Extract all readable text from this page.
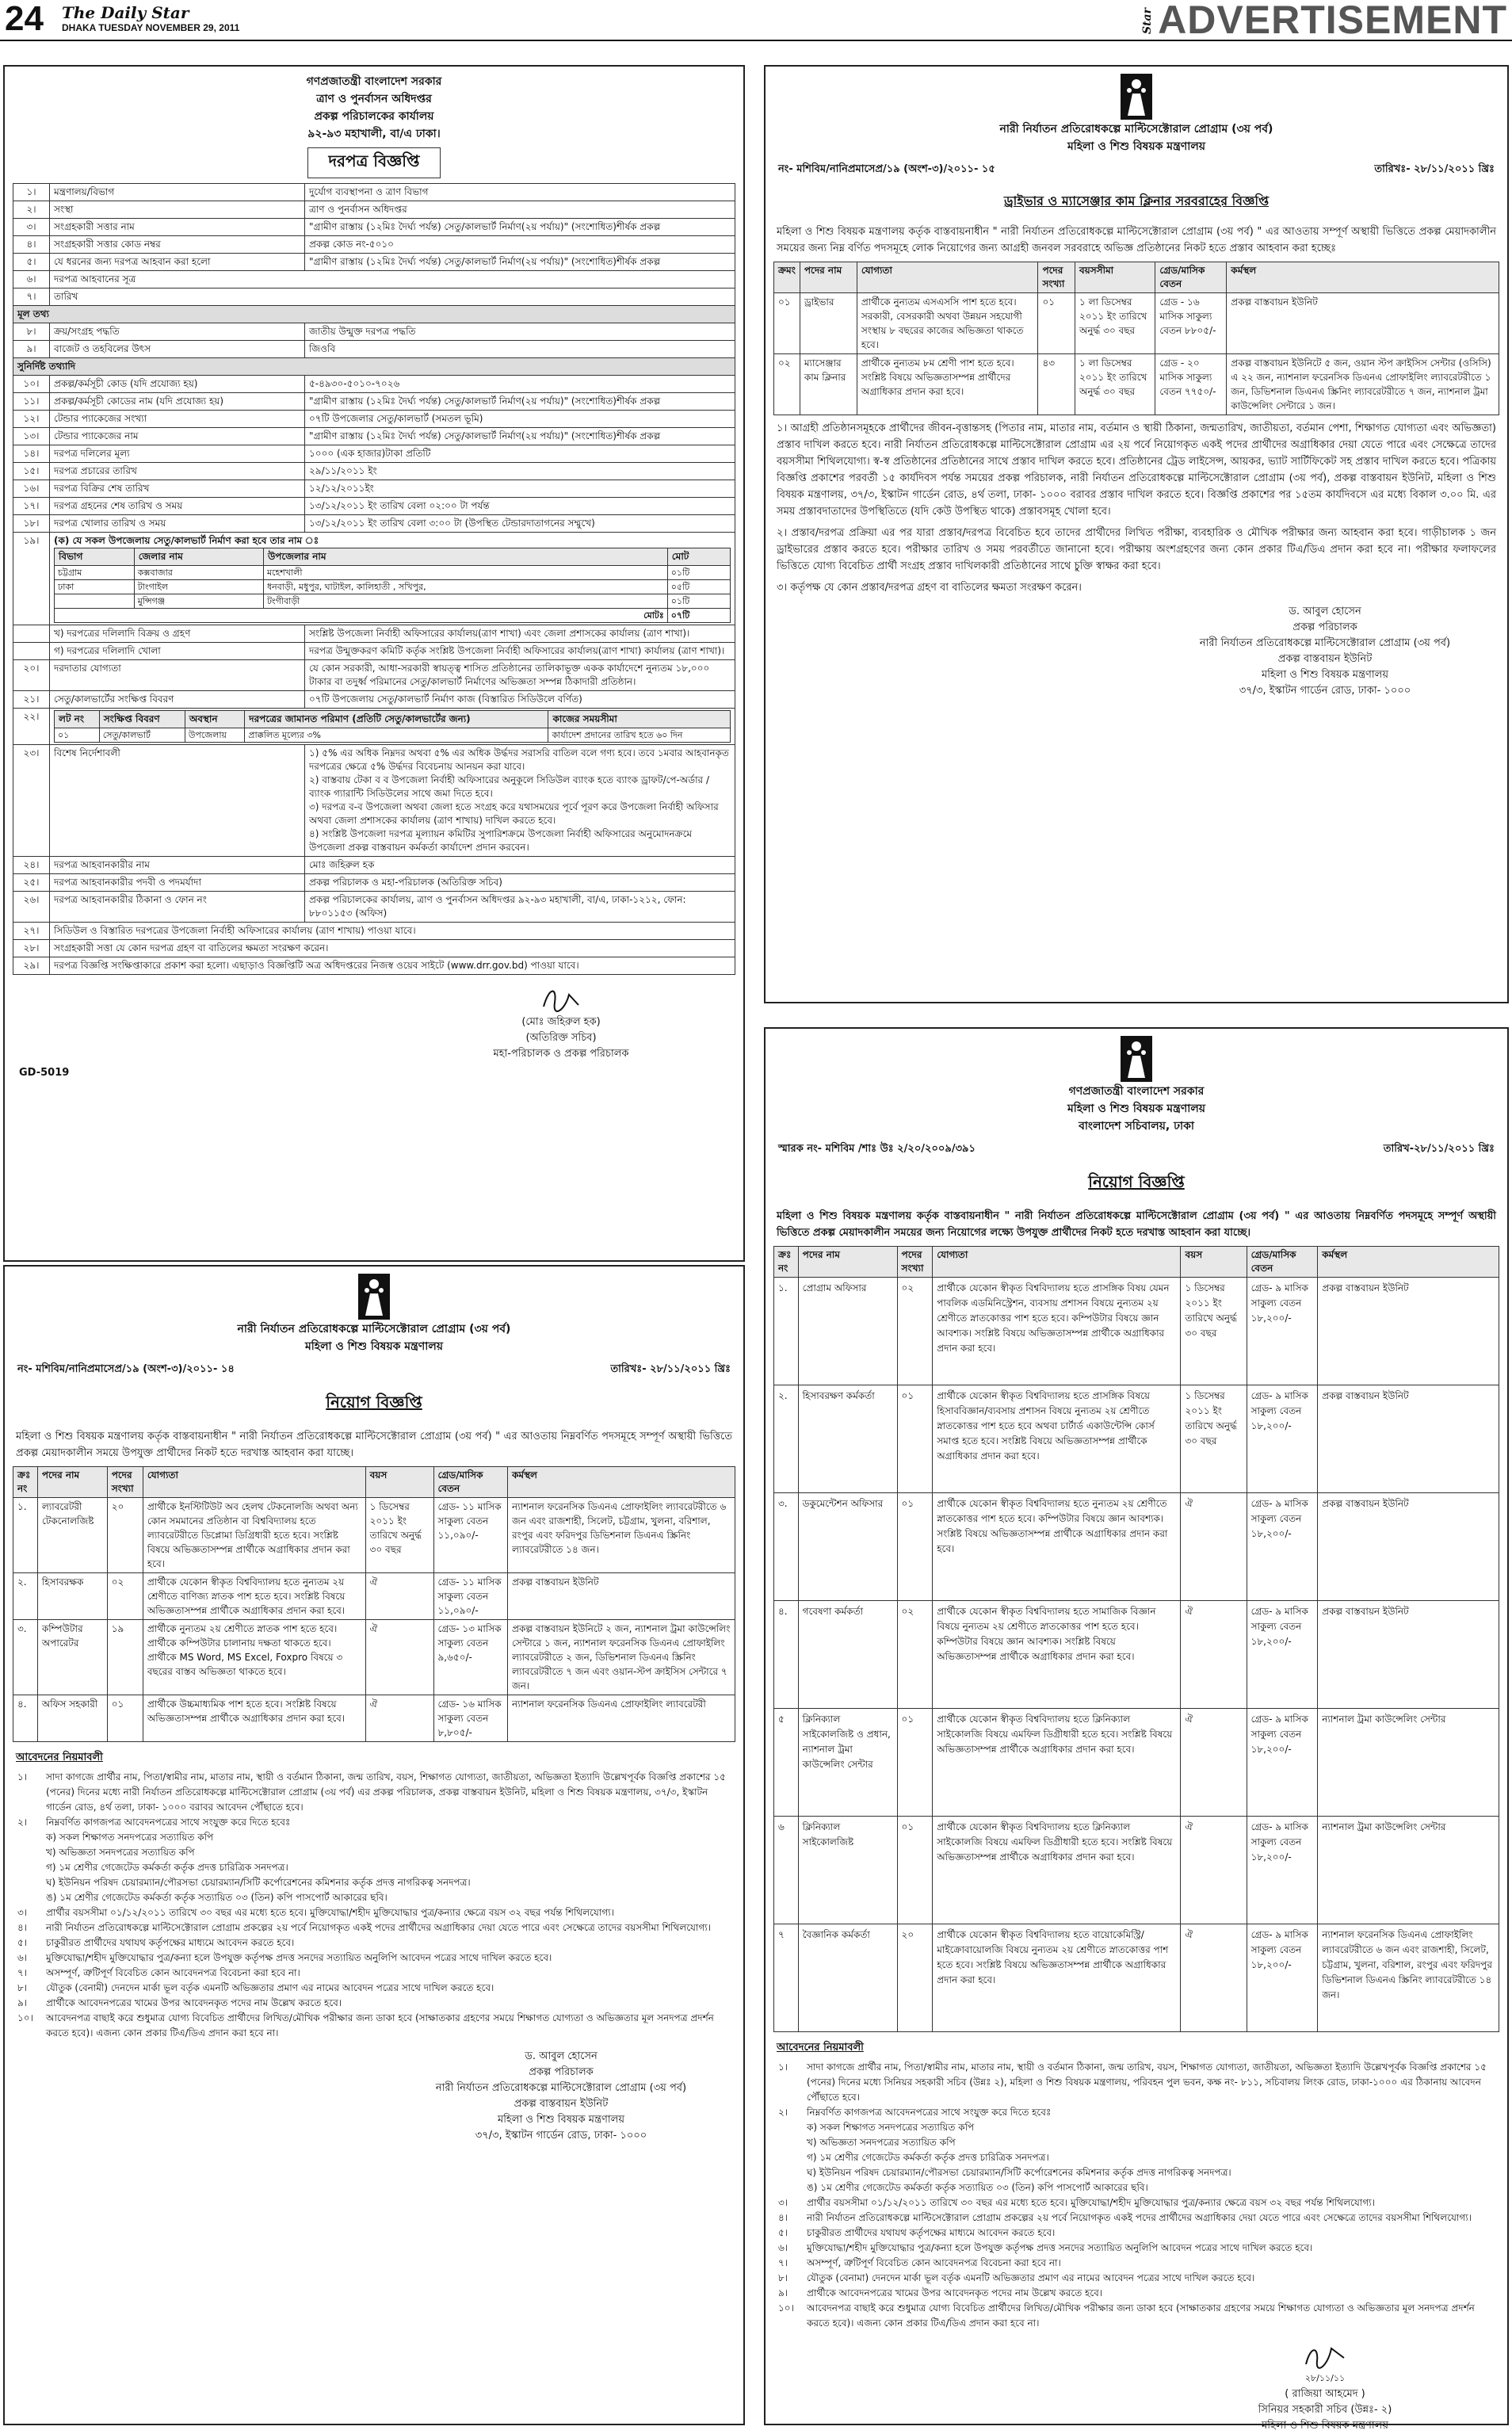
24 The Daily Star
DHAKA TUESDAY NOVEMBER 29, 2011	Star ADVERTISEMENT
গণপ্রজাতন্ত্রী বাংলাদেশ সরকার
ত্রাণ ও পুনর্বাসন অধিদপ্তর
প্রকল্প পরিচালকের কার্যালয়
৯২-৯৩ মহাখালী, বা/এ ঢাকা।
দরপত্র বিজ্ঞপ্তি
১।	মন্ত্রণালয়/বিভাগ	দুর্যোগ ব্যবস্থাপনা ও ত্রাণ বিভাগ
২।	সংস্থা	ত্রাণ ও পুনর্বাসন অধিদপ্তর
৩।	সংগ্রহকারী সত্তার নাম	"গ্রামীণ রাস্তায় (১২মিঃ দৈর্ঘ্য পর্যন্ত) সেতু/কালভার্ট নির্মাণ(২য় পর্যায়)" (সংশোধিত)শীর্ষক প্রকল্প
৪।	সংগ্রহকারী সত্তার কোড নম্বর	প্রকল্প কোড নং-৫০১০
৫।	যে ধরনের জন্য দরপত্র আহবান করা হলো	"গ্রামীণ রাস্তায় (১২মিঃ দৈর্ঘ্য পর্যন্ত) সেতু/কালভার্ট নির্মাণ(২য় পর্যায়)" (সংশোধিত)শীর্ষক প্রকল্প
৬।	দরপত্র আহবানের সূত্র
৭।	তারিখ
মূল তথ্য
৮।	ক্রয়/সংগ্রহ পদ্ধতি	জাতীয় উন্মুক্ত দরপত্র পদ্ধতি
৯।	বাজেট ও তহবিলের উৎস	জিওবি
সুনির্দিষ্ট তথ্যাদি
১০।	প্রকল্প/কর্মসূচী কোড (যদি প্রযোজ্য হয়)	৫-৪৯৩০-৫০১০-৭০২৬
১১।	প্রকল্প/কর্মসূচী কোডের নাম (যদি প্রযোজ্য হয়)	"গ্রামীণ রাস্তায় (১২মিঃ দৈর্ঘ্য পর্যন্ত) সেতু/কালভার্ট নির্মাণ(২য় পর্যায়)" (সংশোধিত)শীর্ষক প্রকল্প
১২।	টেন্ডার প্যাকেজের সংখ্যা	০৭টি উপজেলার সেতু/কালভার্ট (সমতল ভূমি)
১৩।	টেন্ডার প্যাকেজের নাম	"গ্রামীণ রাস্তায় (১২মিঃ দৈর্ঘ্য পর্যন্ত) সেতু/কালভার্ট নির্মাণ(২য় পর্যায়)" (সংশোধিত)শীর্ষক প্রকল্প
১৪।	দরপত্র দলিলের মূল্য	১০০০ (এক হাজার)টাকা প্রতিটি
১৫।	দরপত্র প্রচারের তারিখ	২৯/১১/২০১১ ইং
১৬।	দরপত্র বিক্রির শেষ তারিখ	১২/১২/২০১১ইং
১৭।	দরপত্র গ্রহনের শেষ তারিখ ও সময়	১৩/১২/২০১১ ইং তারিখ বেলা ০২:০০ টা পর্যন্ত
১৮।	দরপত্র খোলার তারিখ ও সময়	১৩/১২/২০১১ ইং তারিখ বেলা ৩:০০ টা (উপস্থিত টেন্ডারদাতাগনের সম্মুখে)
১৯।	(ক) যে সকল উপজেলায় সেতু/কালভার্ট নির্মাণ করা হবে তার নাম ঃ
বিভাগ	জেলার নাম	উপজেলার নাম	মোট
চট্টগ্রাম	কক্সবাজার	মহেশখালী	০১টি
ঢাকা	টাংগাইল	ধনবাড়ী, মধুপুর, ঘাটাইল, কালিহাতী , সখিপুর,	০৫টি
	মুন্সিগঞ্জ	টংগীবাড়ী	০১টি
মোটঃ	০৭টি

	খ) দরপত্রের দলিলাদি বিক্রয় ও গ্রহণ	সংশ্লিষ্ট উপজেলা নির্বাহী অফিসারের কার্যালয়(ত্রাণ শাখা) এবং জেলা প্রশাসকের কার্যালয় (ত্রাণ শাখা)।
	গ) দরপত্রের দলিলাদি খোলা	দরপত্র উন্মুক্তকরণ কমিটি কর্তৃক সংশ্লিষ্ট উপজেলা নির্বাহী অফিসারের কার্যালয়(ত্রাণ শাখা) কার্যালয় (ত্রাণ শাখা)।
২০।	দরদাতার যোগ্যতা	যে কোন সরকারী, আধা-সরকারী স্বায়ত্ত্ব শাসিত প্রতিষ্ঠানের তালিকাভূক্ত একক কার্যাদেশে নুন্যতম ১৮,০০০ টাকার বা তদুর্ধ্ব পরিমানের সেতু/কালভার্ট নির্মাণের অভিজ্ঞতা সম্পন্ন ঠিকাদারী প্রতিষ্ঠান।
২১।	সেতু/কালভার্টের সংক্ষিপ্ত বিবরণ	০৭টি উপজেলায় সেতু/কালভার্ট নির্মাণ কাজ (বিস্তারিত সিডিউলে বর্ণিত)
২২।	লট নং	সংক্ষিপ্ত বিবরণ	অবস্থান	দরপত্রের জামানত পরিমাণ (প্রতিটি সেতু/কালভার্টের জন্য)	কাজের সময়সীমা
০১	সেতু/কালভার্ট	উপজেলায়	প্রাক্কলিত মূল্যের ৩%	কার্যাদেশ প্রদানের তারিখ হতে ৬০ দিন

২৩।	বিশেষ নির্দেশাবলী	১) ৫% এর অধিক নিম্নদর অথবা ৫% এর অধিক উর্দ্ধদর সরাসরি বাতিল বলে গণ্য হবে। তবে ১মবার আহবানকৃত দরপত্রের ক্ষেত্রে ৫% উর্দ্ধদর বিবেচনায় আনয়ন করা যাবে।
২) বাস্তবায় টেকা ব ব উপজেলা নির্বাহী অফিসারের অনুকূলে সিডিউল ব্যাংক হতে ব্যাংক ড্রাফট/পে-অর্ডার / ব্যাংক গ্যারান্টি সিডিউলের সাথে জমা দিতে হবে।
৩) দরপত্র ব-ব উপজেলা অথবা জেলা হতে সংগ্রহ করে যথাসময়ের পূর্বে পূরণ করে উপজেলা নির্বাহী অফিসার অথবা জেলা প্রশাসকের কার্যালয় (ত্রাণ শাখায়) দাখিল করতে হবে।
৪) সংশ্লিষ্ট উপজেলা দরপত্র মূল্যায়ন কমিটির সুপারিশক্রমে উপজেলা নির্বাহী অফিসারের অনুমোদনক্রমে উপজেলা প্রকল্প বাস্তবায়ন কর্মকর্তা কার্যাদেশ প্রদান করবেন।

২৪।	দরপত্র আহবানকারীর নাম	মোঃ জহিরুল হক
২৫।	দরপত্র আহবানকারীর পদবী ও পদমর্যাদা	প্রকল্প পরিচালক ও মহা-পরিচালক (অতিরিক্ত সচিব)
২৬।	দরপত্র আহবানকারীর ঠিকানা ও ফোন নং	প্রকল্প পরিচালকের কার্যালয়, ত্রাণ ও পুনর্বাসন অধিদপ্তর ৯২-৯৩ মহাখালী, বা/এ, ঢাকা-১২১২, ফোন: ৮৮০১১৫৩ (অফিস)
২৭।	সিডিউল ও বিস্তারিত দরপত্রের উপজেলা নির্বাহী অফিসারের কার্যালয় (ত্রাণ শাখায়) পাওয়া যাবে।
২৮।	সংগ্রহকারী সত্তা যে কোন দরপত্র গ্রহণ বা বাতিলের ক্ষমতা সংরক্ষণ করেন।
২৯।	দরপত্র বিজ্ঞপ্তি সংক্ষিপ্তাকারে প্রকাশ করা হলো। এছাড়াও বিজ্ঞপ্তিটি অত্র অধিদপ্তরের নিজস্ব ওয়েব সাইটে (www.drr.gov.bd) পাওয়া যাবে।
(মোঃ জহিরুল হক)
(অতিরিক্ত সচিব)
মহা-পরিচালক ও প্রকল্প পরিচালক
GD-5019
নারী নির্যাতন প্রতিরোধকল্পে মাল্টিসেক্টোরাল প্রোগ্রাম (৩য় পর্ব)
মহিলা ও শিশু বিষয়ক মন্ত্রণালয়
নং- মশিবিম/নানিপ্রমাসেপ্র/১৯ (অংশ-৩)/২০১১- ১৫	তারিখঃ- ২৮/১১/২০১১ খ্রিঃ
ড্রাইভার ও ম্যাসেঞ্জার কাম ক্লিনার সরবরাহের বিজ্ঞপ্তি
মহিলা ও শিশু বিষয়ক মন্ত্রণালয় কর্তৃক বাস্তবায়নাধীন " নারী নির্যাতন প্রতিরোধকল্পে মাল্টিসেক্টোরাল প্রোগ্রাম (৩য় পর্ব) " এর আওতায় সম্পূর্ণ অস্থায়ী ভিত্তিতে প্রকল্প মেয়াদকালীন সময়ের জন্য নিম্ন বর্ণিত পদসমূহে লোক নিয়োগের জন্য আগ্রহী জনবল সরবরাহে অভিজ্ঞ প্রতিষ্ঠানের নিকট হতে প্রস্তাব আহবান করা হচ্ছেঃ
ক্রমং	পদের নাম	যোগ্যতা	পদের সংখ্যা	বয়সসীমা	গ্রেড/মাসিক বেতন	কর্মস্থল
০১	ড্রাইভার	প্রার্থীকে নুন্যতম এসএসসি পাশ হতে হবে। সরকারী, বেসরকারী অথবা উন্নয়ন সহযোগী সংস্থায় ৮ বছরের কাজের অভিজ্ঞতা থাকতে হবে।	০১	১ লা ডিসেম্বর ২০১১ ইং তারিখে অনুর্দ্ধ ৩০ বছর	গ্রেড - ১৬ মাসিক সাকুল্য বেতন ৮৮০৫/-	প্রকল্প বাস্তবায়ন ইউনিট
০২	ম্যাসেঞ্জার কাম ক্লিনার	প্রার্থীকে নুন্যতম ৮ম শ্রেণী পাশ হতে হবে। সংশ্লিষ্ট বিষয়ে অভিজ্ঞতাসম্পন্ন প্রার্থীদের অগ্রাধিকার প্রদান করা হবে।	৪৩	১ লা ডিসেম্বর ২০১১ ইং তারিখে অনুর্দ্ধ ৩০ বছর	গ্রেড - ২০ মাসিক সাকুল্য বেতন ৭৭৫০/-	প্রকল্প বাস্তবায়ন ইউনিটে ৫ জন, ওয়ান স্টপ ক্রাইসিস সেন্টার (ওসিসি) এ ২২ জন, ন্যাশনাল ফরেনসিক ডিএনএ প্রোফাইলিং ল্যাবরেটরীতে ১ জন, ডিভিশনাল ডিএনএ স্ক্রিনিং ল্যাবরেটরীতে ৭ জন, ন্যাশনাল ট্রমা কাউন্সেলিং সেন্টারে ১ জন।
১। আগ্রহী প্রতিষ্ঠানসমূহকে প্রার্থীদের জীবন-বৃত্তান্তসহ (পিতার নাম, মাতার নাম, বর্তমান ও স্থায়ী ঠিকানা, জন্মতারিখ, জাতীয়তা, বর্তমান পেশা, শিক্ষাগত যোগ্যতা এবং অভিজ্ঞতা) প্রস্তাব দাখিল করতে হবে। নারী নির্যাতন প্রতিরোধকল্পে মাল্টিসেক্টোরাল প্রোগ্রাম এর ২য় পর্বে নিয়োগকৃত একই পদের প্রার্থীদের অগ্রাধিকার দেয়া যেতে পারে এবং সেক্ষেত্রে তাদের বয়সসীমা শিথিলযোগ্য। স্ব-স্ব প্রতিষ্ঠানের প্রতিষ্ঠানের সাথে প্রস্তাব দাখিল করতে হবে। প্রতিষ্ঠানের ট্রেড লাইসেন্স, আয়কর, ভ্যাট সার্টিফিকেট সহ প্রস্তাব দাখিল করতে হবে। পত্রিকায় বিজ্ঞপ্তি প্রকাশের পরবর্তী ১৫ কার্যদিবস পর্যন্ত সময়ের প্রকল্প পরিচালক, নারী নির্যাতন প্রতিরোধকল্পে মাল্টিসেক্টোরাল প্রোগ্রাম (৩য় পর্ব), প্রকল্প বাস্তবায়ন ইউনিট, মহিলা ও শিশু বিষয়ক মন্ত্রণালয়, ৩৭/৩, ইস্কাটন গার্ডেন রোড, ৪র্থ তলা, ঢাকা- ১০০০ বরাবর প্রস্তাব দাখিল করতে হবে। বিজ্ঞপ্তি প্রকাশের পর ১৫তম কার্যদিবসে এর মধ্যে বিকাল ৩.০০ মি. এর সময় প্রস্তাবদাতাদের উপস্থিতিতে (যদি কেউ উপস্থিত থাকে) প্রস্তাবসমূহ খোলা হবে।
২। প্রস্তাব/দরপত্র প্রক্রিয়া এর পর যারা প্রস্তাব/দরপত্র বিবেচিত হবে তাদের প্রার্থীদের লিখিত পরীক্ষা, ব্যবহারিক ও মৌখিক পরীক্ষার জন্য আহবান করা হবে। গাড়ীচালক ১ জন ড্রাইভারের প্রস্তাব করতে হবে। পরীক্ষার তারিখ ও সময় পরবর্তীতে জানানো হবে। পরীক্ষায় অংশগ্রহণের জন্য কোন প্রকার টিএ/ডিএ প্রদান করা হবে না। পরীক্ষার ফলাফলের ভিত্তিতে যোগ্য বিবেচিত প্রার্থী সংগ্রহ প্রস্তাব দাখিলকারী প্রতিষ্ঠানের সাথে চুক্তি স্বাক্ষর করা হবে।
৩। কর্তৃপক্ষ যে কোন প্রস্তাব/দরপত্র গ্রহণ বা বাতিলের ক্ষমতা সংরক্ষণ করেন।
ড. আবুল হোসেন
প্রকল্প পরিচালক
নারী নির্যাতন প্রতিরোধকল্পে মাল্টিসেক্টোরাল প্রোগ্রাম (৩য় পর্ব)
প্রকল্প বাস্তবায়ন ইউনিট
মহিলা ও শিশু বিষয়ক মন্ত্রণালয়
৩৭/৩, ইস্কাটন গার্ডেন রোড, ঢাকা- ১০০০
নারী নির্যাতন প্রতিরোধকল্পে মাল্টিসেক্টোরাল প্রোগ্রাম (৩য় পর্ব)
মহিলা ও শিশু বিষয়ক মন্ত্রণালয়
নং- মশিবিম/নানিপ্রমাসেপ্র/১৯ (অংশ-৩)/২০১১- ১৪	তারিখঃ- ২৮/১১/২০১১ খ্রিঃ
নিয়োগ বিজ্ঞপ্তি
মহিলা ও শিশু বিষয়ক মন্ত্রণালয় কর্তৃক বাস্তবায়নাধীন " নারী নির্যাতন প্রতিরোধকল্পে মাল্টিসেক্টোরাল প্রোগ্রাম (৩য় পর্ব) " এর আওতায় নিম্নবর্ণিত পদসমূহে সম্পূর্ণ অস্থায়ী ভিত্তিতে প্রকল্প মেয়াদকালীন সময়ে উপযুক্ত প্রার্থীদের নিকট হতে দরখাস্ত আহবান করা যাচ্ছে।
ক্রঃ নং	পদের নাম	পদের সংখ্যা	যোগ্যতা	বয়স	গ্রেড/মাসিক বেতন	কর্মস্থল
১.	ল্যাবরেটরী টেকনোলজিষ্ট	২০	প্রার্থীকে ইনস্টিটিউট অব হেলথ টেকনোলজি অথবা অন্য কোন সমমানের প্রতিষ্ঠান বা বিশ্ববিদ্যালয় হতে ল্যাবরেটরীতে ডিপ্লোমা ডিগ্রিধারী হতে হবে। সংশ্লিষ্ট বিষয়ে অভিজ্ঞতাসম্পন্ন প্রার্থীকে অগ্রাধিকার প্রদান করা হবে।	১ ডিসেম্বর ২০১১ ইং তারিখে অনুর্দ্ধ ৩০ বছর	গ্রেড- ১১ মাসিক সাকুল্য বেতন ১১,০৯০/-	ন্যাশনাল ফরেনসিক ডিএনএ প্রোফাইলিং ল্যাবরেটরীতে ৬ জন এবং রাজশাহী, সিলেট, চট্টগ্রাম, খুলনা, বরিশাল, রংপুর এবং ফরিদপুর ডিভিশনাল ডিএনএ স্ক্রিনিং ল্যাবরেটরীতে ১৪ জন।
২.	হিসাবরক্ষক	০২	প্রার্থীকে যেকোন স্বীকৃত বিশ্ববিদ্যালয় হতে নুন্যতম ২য় শ্রেণীতে বাণিজ্য স্নাতক পাশ হতে হবে। সংশ্লিষ্ট বিষয়ে অভিজ্ঞতাসম্পন্ন প্রার্থীকে অগ্রাধিকার প্রদান করা হবে।	ঐ	গ্রেড- ১১ মাসিক সাকুল্য বেতন ১১,০৯০/-	প্রকল্প বাস্তবায়ন ইউনিট
৩.	কম্পিউটার অপারেটর	১৯	প্রার্থীকে নুন্যতম ২য় শ্রেণীতে স্নাতক পাশ হতে হবে। প্রার্থীকে কম্পিউটার চালানায় দক্ষতা থাকতে হবে। প্রার্থীকে MS Word, MS Excel, Foxpro বিষয়ে ৩ বছরের বাস্তব অভিজ্ঞতা থাকতে হবে।	ঐ	গ্রেড- ১৩ মাসিক সাকুল্য বেতন ৯,৬৫০/-	প্রকল্প বাস্তবায়ন ইউনিটে ২ জন, ন্যাশনাল ট্রমা কাউন্সেলিং সেন্টারে ১ জন, ন্যাশনাল ফরেনসিক ডিএনএ প্রোফাইলিং ল্যাবরেটরীতে ২ জন, ডিভিশনাল ডিএনএ স্ক্রিনিং ল্যাবরেটরীতে ৭ জন এবং ওয়ান-স্টপ ক্রাইসিস সেন্টারে ৭ জন।
৪.	অফিস সহকারী	০১	প্রার্থীকে উচ্চমাধ্যমিক পাশ হতে হবে। সংশ্লিষ্ট বিষয়ে অভিজ্ঞতাসম্পন্ন প্রার্থীকে অগ্রাধিকার প্রদান করা হবে।	ঐ	গ্রেড- ১৬ মাসিক সাকুল্য বেতন ৮,৮০৫/-	ন্যাশনাল ফরেনসিক ডিএনএ প্রোফাইলিং ল্যাবরেটরী
আবেদনের নিয়মাবলী
১।	সাদা কাগজে প্রার্থীর নাম, পিতা/স্বামীর নাম, মাতার নাম, স্থায়ী ও বর্তমান ঠিকানা, জন্ম তারিখ, বয়স, শিক্ষাগত যোগ্যতা, জাতীয়তা, অভিজ্ঞতা ইত্যাদি উল্লেখপূর্বক বিজ্ঞপ্তি প্রকাশের ১৫ (পনের) দিনের মধ্যে নারী নির্যাতন প্রতিরোধকল্পে মাল্টিসেক্টোরাল প্রোগ্রাম (৩য় পর্ব) এর প্রকল্প পরিচালক, প্রকল্প বাস্তবায়ন ইউনিট, মহিলা ও শিশু বিষয়ক মন্ত্রণালয়, ৩৭/৩, ইস্কাটন গার্ডেন রোড, ৪র্থ তলা, ঢাকা- ১০০০ বরাবর আবেদন পৌঁছাতে হবে।
২।	নিম্নবর্ণিত কাগজপত্র আবেদনপত্রের সাথে সংযুক্ত করে দিতে হবেঃ
ক) সকল শিক্ষাগত সনদপত্রের সত্যায়িত কপি
খ) অভিজ্ঞতা সনদপত্রের সত্যায়িত কপি
গ) ১ম শ্রেণীর গেজেটেড কর্মকর্তা কর্তৃক প্রদত্ত চারিত্রিক সনদপত্র।
ঘ) ইউনিয়ন পরিষদ চেয়ারম্যান/পৌরসভা চেয়ারম্যান/সিটি কর্পোরেশনের কমিশনার কর্তৃক প্রদত্ত নাগরিকত্ব সনদপত্র।
ঙ) ১ম শ্রেণীর গেজেটেড কর্মকর্তা কর্তৃক সত্যায়িত ০৩ (তিন) কপি পাসপোর্ট আকারের ছবি।
৩।	প্রার্থীর বয়সসীমা ০১/১২/২০১১ তারিখে ৩০ বছর এর মধ্যে হতে হবে। মুক্তিযোদ্ধা/শহীদ মুক্তিযোদ্ধার পুত্র/কন্যার ক্ষেত্রে বয়স ৩২ বছর পর্যন্ত শিথিলযোগ্য।
৪।	নারী নির্যাতন প্রতিরোধকল্পে মাল্টিসেক্টোরাল প্রোগ্রাম প্রকল্পের ২য় পর্বে নিয়োগকৃত একই পদের প্রার্থীদের অগ্রাধিকার দেয়া যেতে পারে এবং সেক্ষেত্রে তাদের বয়সসীমা শিথিলযোগ্য।
৫।	চাকুরীরত প্রার্থীদের যথাযথ কর্তৃপক্ষের মাধ্যমে আবেদন করতে হবে।
৬।	মুক্তিযোদ্ধা/শহীদ মুক্তিযোদ্ধার পুত্র/কন্যা হলে উপযুক্ত কর্তৃপক্ষ প্রদত্ত সনদের সত্যায়িত অনুলিপি আবেদন পত্রের সাথে দাখিল করতে হবে।
৭।	অসম্পূর্ণ, ত্রুটিপূর্ণ বিবেচিত কোন আবেদনপত্র বিবেচনা করা হবে না।
৮।	যৌতুক (বেনামী) দেনদেন মার্কা ভূল বর্তৃক এমনটি অভিজ্ঞতার প্রমাণ এর নামের আবেদন পত্রের সাথে দাখিল করতে হবে।
৯।	প্রার্থীকে আবেদনপত্রের খামের উপর আবেদনকৃত পদের নাম উল্লেখ করতে হবে।
১০।	আবেদনপত্র বাছাই করে শুধুমাত্র যোগ্য বিবেচিত প্রার্থীদের লিখিত/মৌখিক পরীক্ষার জন্য ডাকা হবে (সাক্ষাতকার গ্রহণের সময়ে শিক্ষাগত যোগ্যতা ও অভিজ্ঞতার মূল সনদপত্র প্রদর্শন করতে হবে)। এজন্য কোন প্রকার টিএ/ডিএ প্রদান করা হবে না।
ড. আবুল হোসেন
প্রকল্প পরিচালক
নারী নির্যাতন প্রতিরোধকল্পে মাল্টিসেক্টোরাল প্রোগ্রাম (৩য় পর্ব)
প্রকল্প বাস্তবায়ন ইউনিট
মহিলা ও শিশু বিষয়ক মন্ত্রণালয়
৩৭/৩, ইস্কাটন গার্ডেন রোড, ঢাকা- ১০০০
গণপ্রজাতন্ত্রী বাংলাদেশ সরকার
মহিলা ও শিশু বিষয়ক মন্ত্রণালয়
বাংলাদেশ সচিবালয়, ঢাকা
স্মারক নং- মশিবিম /শাঃ উঃ ২/২০/২০০৯/৩৯১	তারিখ-২৮/১১/২০১১ খ্রিঃ
নিয়োগ বিজ্ঞপ্তি
মহিলা ও শিশু বিষয়ক মন্ত্রণালয় কর্তৃক বাস্তবায়নাধীন " নারী নির্যাতন প্রতিরোধকল্পে মাল্টিসেক্টোরাল প্রোগ্রাম (৩য় পর্ব) " এর আওতায় নিম্নবর্ণিত পদসমূহে সম্পূর্ণ অস্থায়ী ভিত্তিতে প্রকল্প মেয়াদকালীন সময়ের জন্য নিয়োগের লক্ষ্যে উপযুক্ত প্রার্থীদের নিকট হতে দরখাস্ত আহবান করা যাচ্ছে।
ক্রঃ নং	পদের নাম	পদের সংখ্যা	যোগ্যতা	বয়স	গ্রেড/মাসিক বেতন	কর্মস্থল
১.	প্রোগ্রাম অফিসার	০২	প্রার্থীকে যেকোন স্বীকৃত বিশ্ববিদ্যালয় হতে প্রাসঙ্গিক বিষয় যেমন পাবলিক এডমিনিস্ট্রেশন, ব্যবসায় প্রশাসন বিষয়ে নুন্যতম ২য় শ্রেণীতে স্নাতকোত্তর পাশ হতে হবে। কম্পিউটার বিষয়ে জ্ঞান আবশ্যক। সংশ্লিষ্ট বিষয়ে অভিজ্ঞতাসম্পন্ন প্রার্থীকে অগ্রাধিকার প্রদান করা হবে।	১ ডিসেম্বর ২০১১ ইং তারিখে অনুর্দ্ধ ৩০ বছর	গ্রেড- ৯ মাসিক সাকুল্য বেতন ১৮,২০০/-	প্রকল্প বাস্তবায়ন ইউনিট
২.	হিসাবরক্ষণ কর্মকর্তা	০১	প্রার্থীকে যেকোন স্বীকৃত বিশ্ববিদ্যালয় হতে প্রাসঙ্গিক বিষয়ে হিসাববিজ্ঞান/ব্যবসায় প্রশাসন বিষয়ে নুন্যতম ২য় শ্রেণীতে স্নাতকোত্তর পাশ হতে হবে অথবা চার্টার্ড একাউন্টেন্সি কোর্স সমাপ্ত হতে হবে। সংশ্লিষ্ট বিষয়ে অভিজ্ঞতাসম্পন্ন প্রার্থীকে অগ্রাধিকার প্রদান করা হবে।	১ ডিসেম্বর ২০১১ ইং তারিখে অনুর্দ্ধ ৩০ বছর	গ্রেড- ৯ মাসিক সাকুল্য বেতন ১৮,২০০/-	প্রকল্প বাস্তবায়ন ইউনিট
৩.	ডকুমেন্টেশন অফিসার	০১	প্রার্থীকে যেকোন স্বীকৃত বিশ্ববিদ্যালয় হতে নুন্যতম ২য় শ্রেণীতে স্নাতকোত্তর পাশ হতে হবে। কম্পিউটার বিষয়ে জ্ঞান আবশ্যক। সংশ্লিষ্ট বিষয়ে অভিজ্ঞতাসম্পন্ন প্রার্থীকে অগ্রাধিকার প্রদান করা হবে।	ঐ	গ্রেড- ৯ মাসিক সাকুল্য বেতন ১৮,২০০/-	প্রকল্প বাস্তবায়ন ইউনিট
৪.	গবেষণা কর্মকর্তা	০২	প্রার্থীকে যেকোন স্বীকৃত বিশ্ববিদ্যালয় হতে সামাজিক বিজ্ঞান বিষয়ে নুন্যতম ২য় শ্রেণীতে স্নাতকোত্তর পাশ হতে হবে। কম্পিউটার বিষয়ে জ্ঞান আবশ্যক। সংশ্লিষ্ট বিষয়ে অভিজ্ঞতাসম্পন্ন প্রার্থীকে অগ্রাধিকার প্রদান করা হবে।	ঐ	গ্রেড- ৯ মাসিক সাকুল্য বেতন ১৮,২০০/-	প্রকল্প বাস্তবায়ন ইউনিট
৫	ক্লিনিক্যাল সাইকোলজিষ্ট ও প্রধান, ন্যাশনাল ট্রমা কাউন্সেলিং সেন্টার	০১	প্রার্থীকে যেকোন স্বীকৃত বিশ্ববিদ্যালয় হতে ক্লিনিক্যাল সাইকোলজি বিষয়ে এমফিল ডিগ্রীধারী হতে হবে। সংশ্লিষ্ট বিষয়ে অভিজ্ঞতাসম্পন্ন প্রার্থীকে অগ্রাধিকার প্রদান করা হবে।	ঐ	গ্রেড- ৯ মাসিক সাকুল্য বেতন ১৮,২০০/-	ন্যাশনাল ট্রমা কাউন্সেলিং সেন্টার
৬	ক্লিনিক্যাল সাইকোলজিষ্ট	০১	প্রার্থীকে যেকোন স্বীকৃত বিশ্ববিদ্যালয় হতে ক্লিনিক্যাল সাইকোলজি বিষয়ে এমফিল ডিগ্রীধারী হতে হবে। সংশ্লিষ্ট বিষয়ে অভিজ্ঞতাসম্পন্ন প্রার্থীকে অগ্রাধিকার প্রদান করা হবে।	ঐ	গ্রেড- ৯ মাসিক সাকুল্য বেতন ১৮,২০০/-	ন্যাশনাল ট্রমা কাউন্সেলিং সেন্টার
৭	বৈজ্ঞানিক কর্মকর্তা	২০	প্রার্থীকে যেকোন স্বীকৃত বিশ্ববিদ্যালয় হতে বায়োকেমিস্ট্রি/মাইক্রোবায়োলজি বিষয়ে নুন্যতম ২য় শ্রেণীতে স্নাতকোত্তর পাশ হতে হবে। সংশ্লিষ্ট বিষয়ে অভিজ্ঞতাসম্পন্ন প্রার্থীকে অগ্রাধিকার প্রদান করা হবে।	ঐ	গ্রেড- ৯ মাসিক সাকুল্য বেতন ১৮,২০০/-	ন্যাশনাল ফরেনসিক ডিএনএ প্রোফাইলিং ল্যাবরেটরীতে ৬ জন এবং রাজশাহী, সিলেট, চট্টগ্রাম, খুলনা, বরিশাল, রংপুর এবং ফরিদপুর ডিভিশনাল ডিএনএ স্ক্রিনিং ল্যাবরেটরীতে ১৪ জন।
আবেদনের নিয়মাবলী
১।	সাদা কাগজে প্রার্থীর নাম, পিতা/স্বামীর নাম, মাতার নাম, স্থায়ী ও বর্তমান ঠিকানা, জন্ম তারিখ, বয়স, শিক্ষাগত যোগ্যতা, জাতীয়তা, অভিজ্ঞতা ইত্যাদি উল্লেখপূর্বক বিজ্ঞপ্তি প্রকাশের ১৫ (পনের) দিনের মধ্যে সিনিয়র সহকারী সচিব (উন্নঃ ২), মহিলা ও শিশু বিষয়ক মন্ত্রণালয়, পরিবহন পুল ভবন, কক্ষ নং- ৮১১, সচিবালয় লিংক রোড, ঢাকা-১০০০ এর ঠিকানায় আবেদন পৌঁছাতে হবে।
২।	নিম্নবর্ণিত কাগজপত্র আবেদনপত্রের সাথে সংযুক্ত করে দিতে হবেঃ
ক) সকল শিক্ষাগত সনদপত্রের সত্যায়িত কপি
খ) অভিজ্ঞতা সনদপত্রের সত্যায়িত কপি
গ) ১ম শ্রেণীর গেজেটেড কর্মকর্তা কর্তৃক প্রদত্ত চারিত্রিক সনদপত্র।
ঘ) ইউনিয়ন পরিষদ চেয়ারম্যান/পৌরসভা চেয়ারম্যান/সিটি কর্পোরেশনের কমিশনার কর্তৃক প্রদত্ত নাগরিকত্ব সনদপত্র।
ঙ) ১ম শ্রেণীর গেজেটেড কর্মকর্তা কর্তৃক সত্যায়িত ০৩ (তিন) কপি পাসপোর্ট আকারের ছবি।
৩।	প্রার্থীর বয়সসীমা ০১/১২/২০১১ তারিখে ৩০ বছর এর মধ্যে হতে হবে। মুক্তিযোদ্ধা/শহীদ মুক্তিযোদ্ধার পুত্র/কন্যার ক্ষেত্রে বয়স ৩২ বছর পর্যন্ত শিথিলযোগ্য।
৪।	নারী নির্যাতন প্রতিরোধকল্পে মাল্টিসেক্টোরাল প্রোগ্রাম প্রকল্পের ২য় পর্বে নিয়োগকৃত একই পদের প্রার্থীদের অগ্রাধিকার দেয়া যেতে পারে এবং সেক্ষেত্রে তাদের বয়সসীমা শিথিলযোগ্য।
৫।	চাকুরীরত প্রার্থীদের যথাযথ কর্তৃপক্ষের মাধ্যমে আবেদন করতে হবে।
৬।	মুক্তিযোদ্ধা/শহীদ মুক্তিযোদ্ধার পুত্র/কন্যা হলে উপযুক্ত কর্তৃপক্ষ প্রদত্ত সনদের সত্যায়িত অনুলিপি আবেদন পত্রের সাথে দাখিল করতে হবে।
৭।	অসম্পূর্ণ, ত্রুটিপূর্ণ বিবেচিত কোন আবেদনপত্র বিবেচনা করা হবে না।
৮।	যৌতুক (বেনামা) দেনদেন মার্কা ভূল বর্তৃক এমনটি অভিজ্ঞতার প্রমাণ এর নামের আবেদন পত্রের সাথে দাখিল করতে হবে।
৯।	প্রার্থীকে আবেদনপত্রের খামের উপর আবেদনকৃত পদের নাম উল্লেখ করতে হবে।
১০।	আবেদনপত্র বাছাই করে শুধুমাত্র যোগ্য বিবেচিত প্রার্থীদের লিখিত/মৌখিক পরীক্ষার জন্য ডাকা হবে (সাক্ষাতকার গ্রহণের সময়ে শিক্ষাগত যোগ্যতা ও অভিজ্ঞতার মূল সনদপত্র প্রদর্শন করতে হবে)। এজন্য কোন প্রকার টিএ/ডিএ প্রদান করা হবে না।
২৮/১১/১১
( রাজিয়া আহমেদ )
সিনিয়র সহকারী সচিব (উন্নঃ- ২)
মহিলা ও শিশু বিষয়ক মন্ত্রণালয়
